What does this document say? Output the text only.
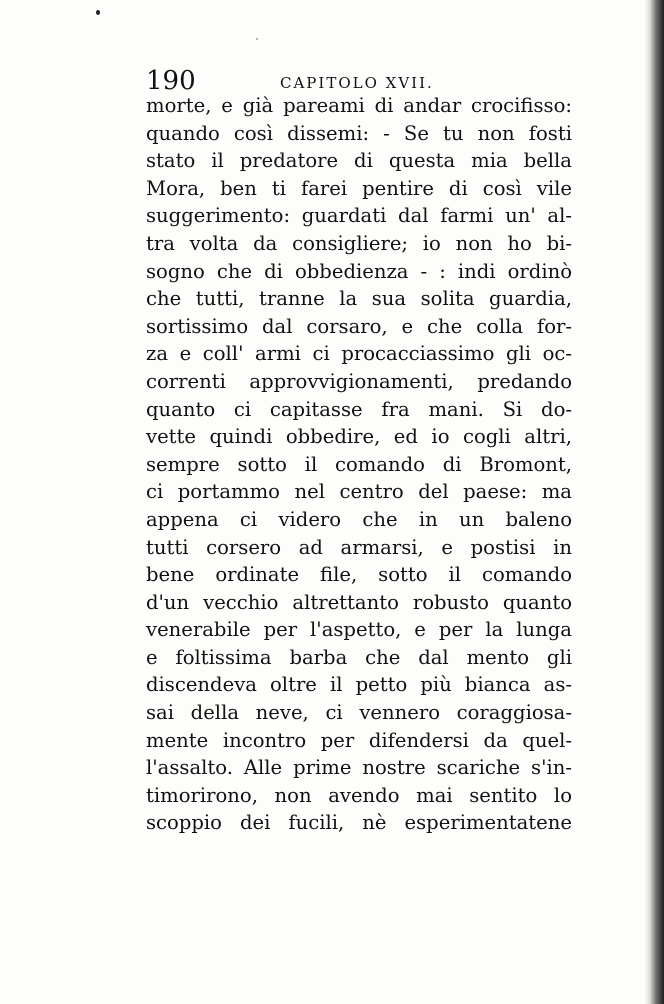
190	CAPITOLO XVII.
morte, e già pareami di andar crocifisso:
quando così dissemi: - Se tu non fosti
stato il predatore di questa mia bella
Mora, ben ti farei pentire di così vile
suggerimento: guardati dal farmi un' al-
tra volta da consigliere; io non ho bi-
sogno che di obbedienza - : indi ordinò
che tutti, tranne la sua solita guardia,
sortissimo dal corsaro, e che colla for-
za e coll' armi ci procacciassimo gli oc-
correnti approvvigionamenti, predando
quanto ci capitasse fra mani. Si do-
vette quindi obbedire, ed io cogli altri,
sempre sotto il comando di Bromont,
ci portammo nel centro del paese: ma
appena ci videro che in un baleno
tutti corsero ad armarsi, e postisi in
bene ordinate file, sotto il comando
d'un vecchio altrettanto robusto quanto
venerabile per l'aspetto, e per la lunga
e foltissima barba che dal mento gli
discendeva oltre il petto più bianca as-
sai della neve, ci vennero coraggiosa-
mente incontro per difendersi da quel-
l'assalto. Alle prime nostre scariche s'in-
timorirono, non avendo mai sentito lo
scoppio dei fucili, nè esperimentatene
